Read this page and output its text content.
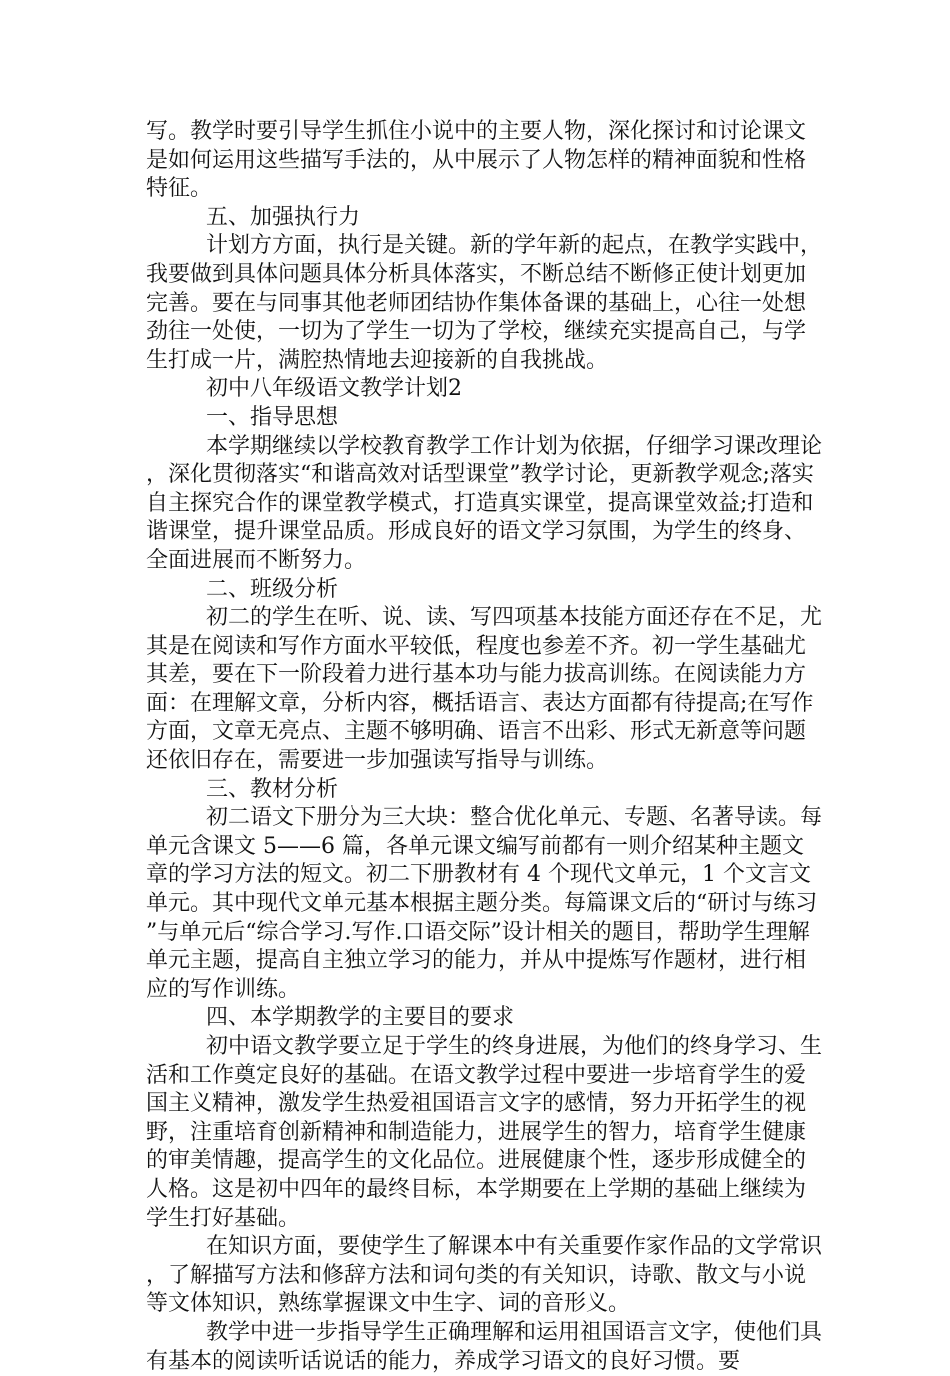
写。教学时要引导学生抓住小说中的主要人物，深化探讨和讨论课文是如何运用这些描写手法的，从中展示了人物怎样的精神面貌和性格特征。

五、加强执行力

计划方方面，执行是关键。新的学年新的起点，在教学实践中，我要做到具体问题具体分析具体落实，不断总结不断修正使计划更加完善。要在与同事其他老师团结协作集体备课的基础上，心往一处想劲往一处使，一切为了学生一切为了学校，继续充实提高自己，与学生打成一片，满腔热情地去迎接新的自我挑战。

初中八年级语文教学计划2

一、指导思想

本学期继续以学校教育教学工作计划为依据，仔细学习课改理论，深化贯彻落实“和谐高效对话型课堂”教学讨论，更新教学观念;落实自主探究合作的课堂教学模式，打造真实课堂，提高课堂效益;打造和谐课堂，提升课堂品质。形成良好的语文学习氛围，为学生的终身、全面进展而不断努力。

二、班级分析

初二的学生在听、说、读、写四项基本技能方面还存在不足，尤其是在阅读和写作方面水平较低，程度也参差不齐。初一学生基础尤其差，要在下一阶段着力进行基本功与能力拔高训练。在阅读能力方面：在理解文章，分析内容，概括语言、表达方面都有待提高;在写作方面，文章无亮点、主题不够明确、语言不出彩、形式无新意等问题还依旧存在，需要进一步加强读写指导与训练。

三、教材分析

初二语文下册分为三大块：整合优化单元、专题、名著导读。每单元含课文 5——6 篇，各单元课文编写前都有一则介绍某种主题文章的学习方法的短文。初二下册教材有 4 个现代文单元，1 个文言文单元。其中现代文单元基本根据主题分类。每篇课文后的“研讨与练习”与单元后“综合学习.写作.口语交际”设计相关的题目，帮助学生理解单元主题，提高自主独立学习的能力，并从中提炼写作题材，进行相应的写作训练。

四、本学期教学的主要目的要求

初中语文教学要立足于学生的终身进展，为他们的终身学习、生活和工作奠定良好的基础。在语文教学过程中要进一步培育学生的爱国主义精神，激发学生热爱祖国语言文字的感情，努力开拓学生的视野，注重培育创新精神和制造能力，进展学生的智力，培育学生健康的审美情趣，提高学生的文化品位。进展健康个性，逐步形成健全的人格。这是初中四年的最终目标，本学期要在上学期的基础上继续为学生打好基础。

在知识方面，要使学生了解课本中有关重要作家作品的文学常识，了解描写方法和修辞方法和词句类的有关知识，诗歌、散文与小说等文体知识，熟练掌握课文中生字、词的音形义。

教学中进一步指导学生正确理解和运用祖国语言文字，使他们具有基本的阅读听话说话的能力，养成学习语文的良好习惯。要
